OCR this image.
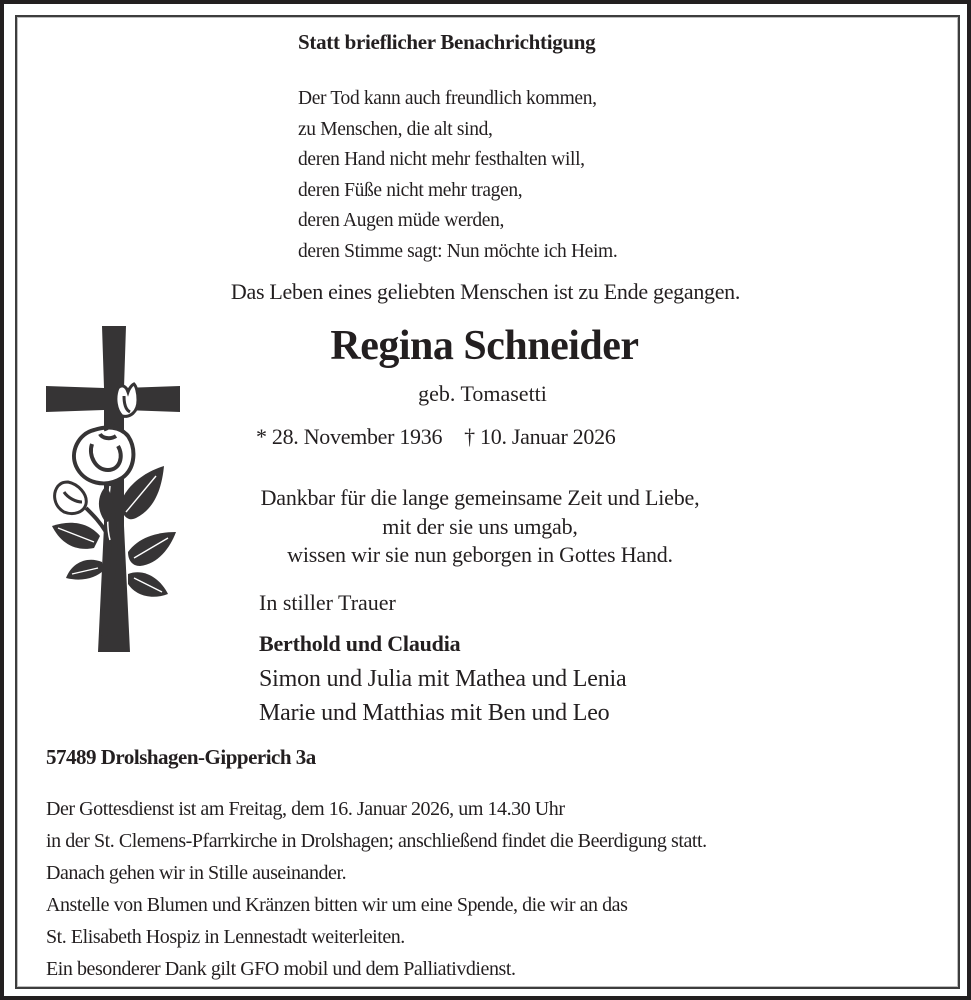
Statt brieflicher Benachrichtigung
Der Tod kann auch freundlich kommen,
zu Menschen, die alt sind,
deren Hand nicht mehr festhalten will,
deren Füße nicht mehr tragen,
deren Augen müde werden,
deren Stimme sagt: Nun möchte ich Heim.
Das Leben eines geliebten Menschen ist zu Ende gegangen.
Regina Schneider
geb. Tomasetti
* 28. November 1936 † 10. Januar 2026
Dankbar für die lange gemeinsame Zeit und Liebe,
mit der sie uns umgab,
wissen wir sie nun geborgen in Gottes Hand.
In stiller Trauer
Berthold und Claudia
Simon und Julia mit Mathea und Lenia
Marie und Matthias mit Ben und Leo
57489 Drolshagen-Gipperich 3a
Der Gottesdienst ist am Freitag, dem 16. Januar 2026, um 14.30 Uhr
in der St. Clemens-Pfarrkirche in Drolshagen; anschließend findet die Beerdigung statt.
Danach gehen wir in Stille auseinander.
Anstelle von Blumen und Kränzen bitten wir um eine Spende, die wir an das
St. Elisabeth Hospiz in Lennestadt weiterleiten.
Ein besonderer Dank gilt GFO mobil und dem Palliativdienst.
